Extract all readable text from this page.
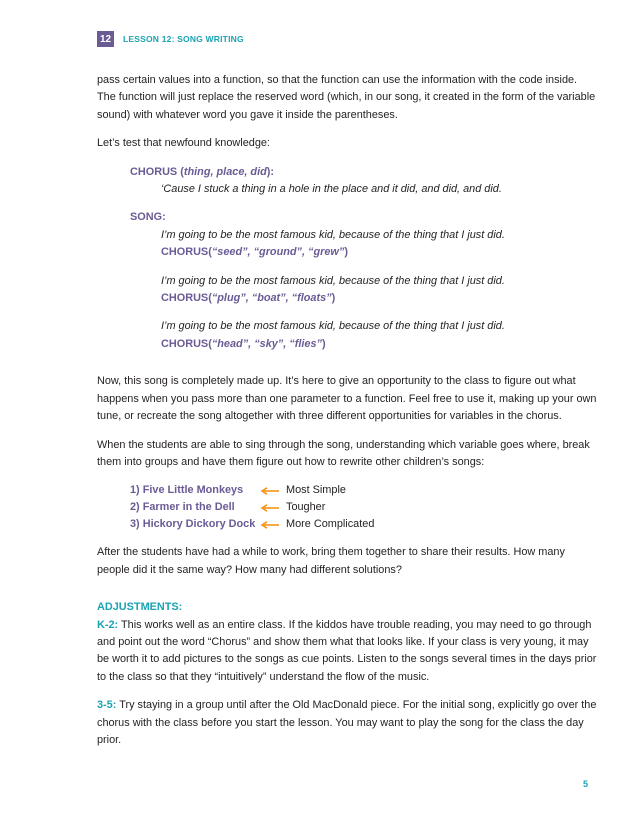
12	LESSON 12: SONG WRITING

pass certain values into a function, so that the function can use the information with the code inside. The function will just replace the reserved word (which, in our song, it created in the form of the variable sound) with whatever word you gave it inside the parentheses.

Let’s test that newfound knowledge:

CHORUS (thing, place, did):

‘Cause I stuck a thing in a hole in the place and it did, and did, and did.

SONG:

I’m going to be the most famous kid, because of the thing that I just did.

CHORUS(“seed”, “ground”, “grew”)

I’m going to be the most famous kid, because of the thing that I just did.

CHORUS(“plug”, “boat”, “floats”)

I’m going to be the most famous kid, because of the thing that I just did.

CHORUS(“head”, “sky”, “flies”)

Now, this song is completely made up. It’s here to give an opportunity to the class to figure out what happens when you pass more than one parameter to a function. Feel free to use it, making up your own tune, or recreate the song altogether with three different opportunities for variables in the chorus.

When the students are able to sing through the song, understanding which variable goes where, break them into groups and have them figure out how to rewrite other children’s songs:

1) Five Little Monkeys	Most Simple
2) Farmer in the Dell	Tougher
3) Hickory Dickory Dock	More Complicated

After the students have had a while to work, bring them together to share their results. How many people did it the same way? How many had different solutions?

ADJUSTMENTS:

K-2: This works well as an entire class. If the kiddos have trouble reading, you may need to go through and point out the word “Chorus” and show them what that looks like. If your class is very young, it may be worth it to add pictures to the songs as cue points. Listen to the songs several times in the days prior to the class so that they “intuitively” understand the flow of the music.

3-5: Try staying in a group until after the Old MacDonald piece. For the initial song, explicitly go over the chorus with the class before you start the lesson. You may want to play the song for the class the day prior.

5
